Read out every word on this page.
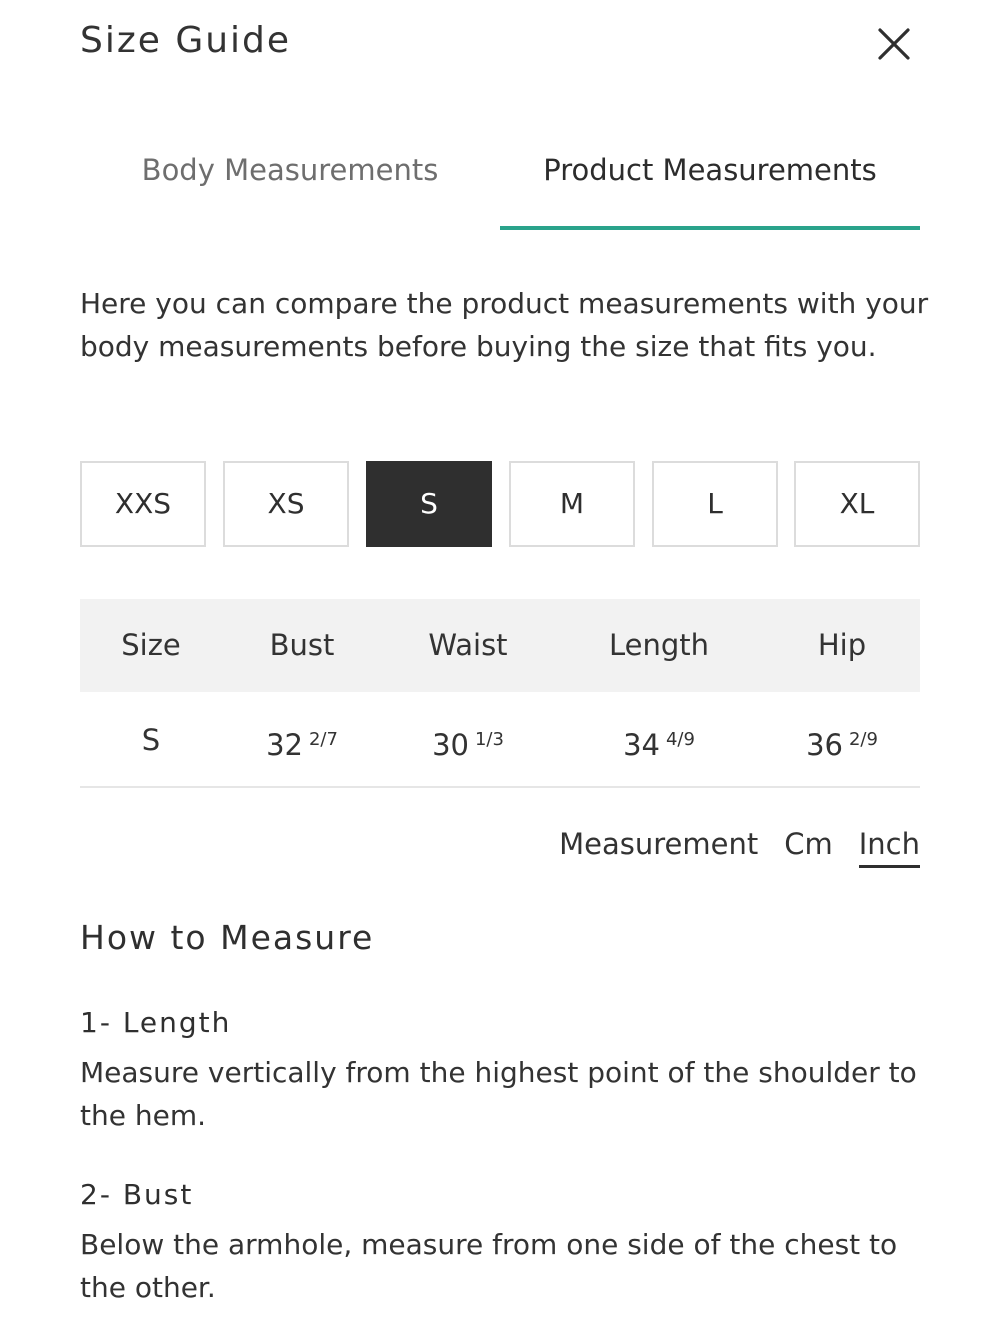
Size Guide
Body Measurements	Product Measurements

Here you can compare the product measurements with your body measurements before buying the size that fits you.

XXS	XS	S	M	L	XL
Size	Bust	Waist	Length	Hip
S	32 $^{2/7}$	30 $^{1/3}$	34 $^{4/9}$	36 $^{2/9}$
Measurement Cm Inch
How to Measure
1- Length
Measure vertically from the highest point of the shoulder to the hem.
2- Bust
Below the armhole, measure from one side of the chest to the other.
